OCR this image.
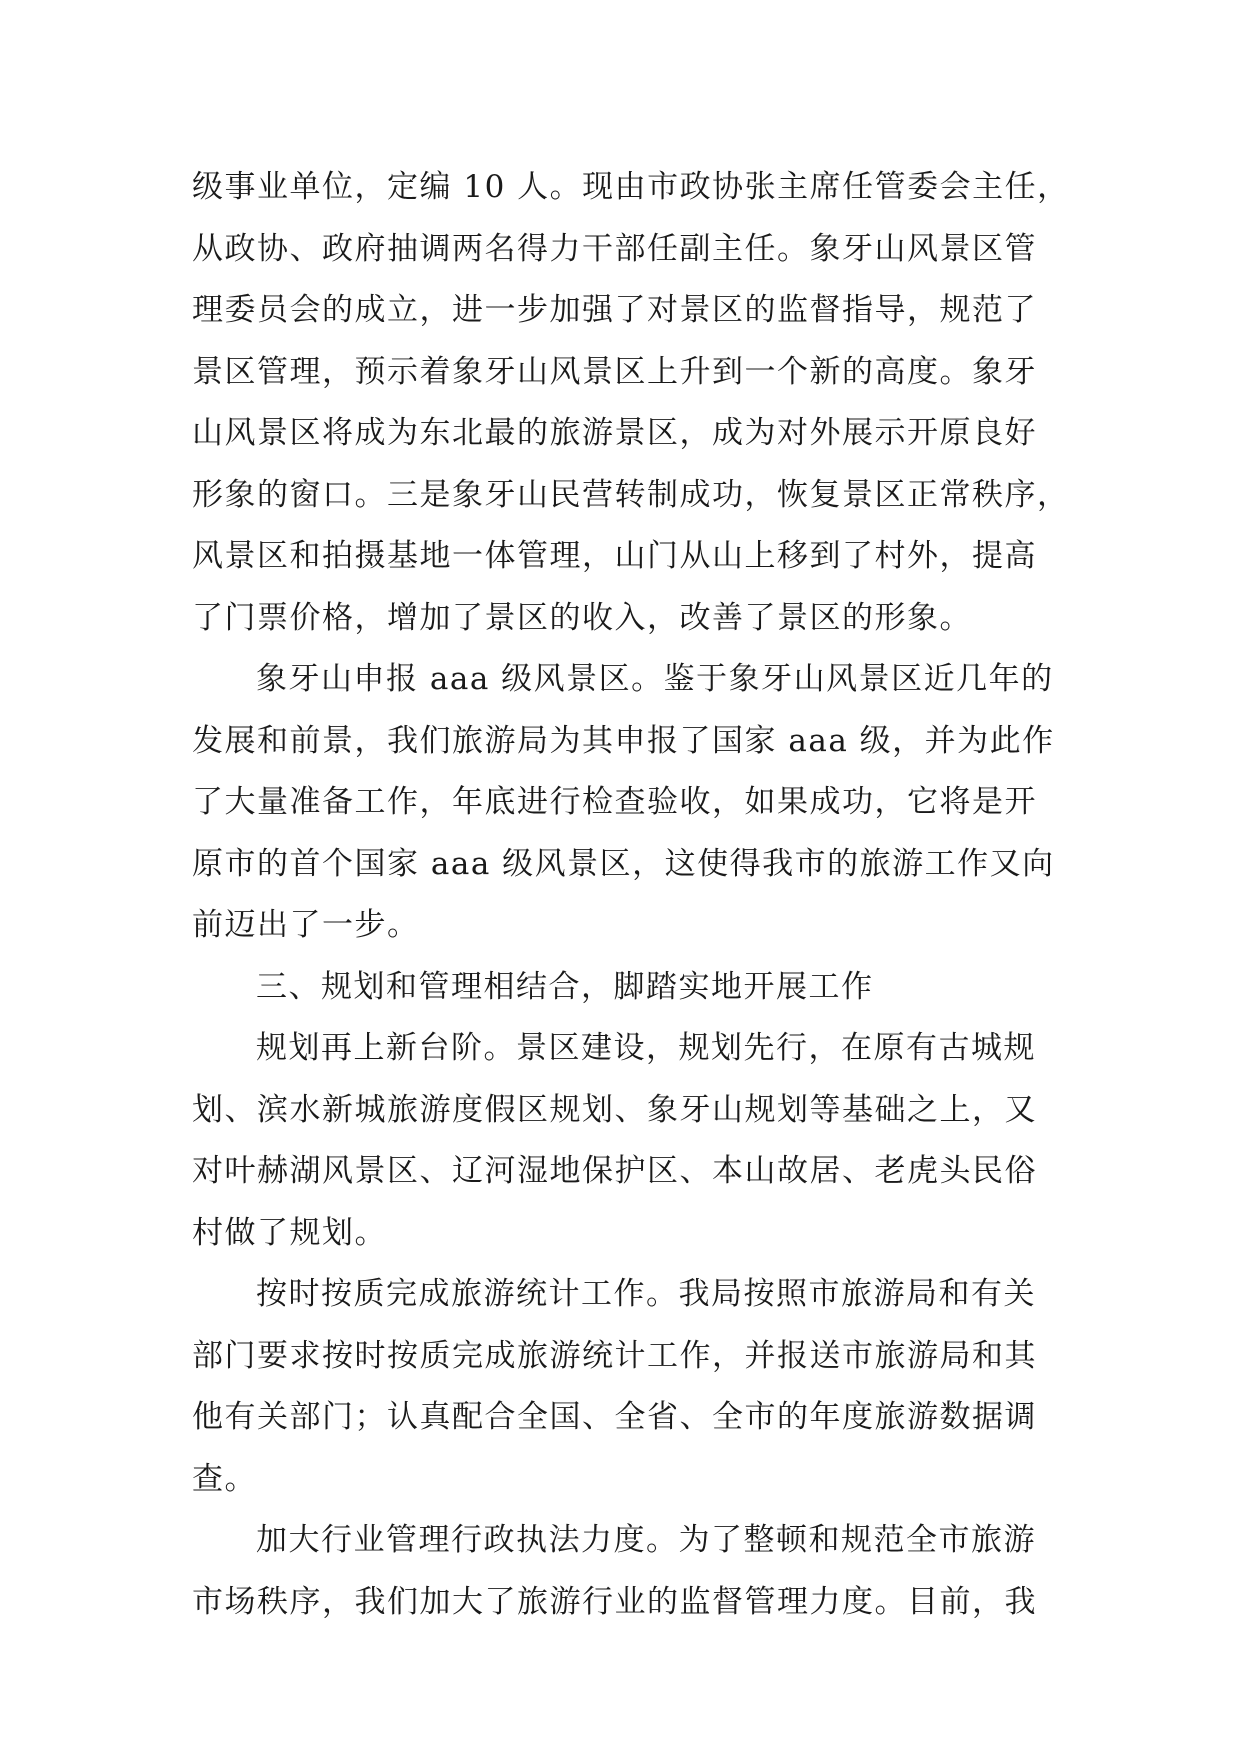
级事业单位，定编 10 人。现由市政协张主席任管委会主任，
从政协、政府抽调两名得力干部任副主任。象牙山风景区管
理委员会的成立，进一步加强了对景区的监督指导，规范了
景区管理，预示着象牙山风景区上升到一个新的高度。象牙
山风景区将成为东北最的旅游景区，成为对外展示开原良好
形象的窗口。三是象牙山民营转制成功，恢复景区正常秩序，
风景区和拍摄基地一体管理，山门从山上移到了村外，提高
了门票价格，增加了景区的收入，改善了景区的形象。
象牙山申报 aaa 级风景区。鉴于象牙山风景区近几年的
发展和前景，我们旅游局为其申报了国家 aaa 级，并为此作
了大量准备工作，年底进行检查验收，如果成功，它将是开
原市的首个国家 aaa 级风景区，这使得我市的旅游工作又向
前迈出了一步。
三、规划和管理相结合，脚踏实地开展工作
规划再上新台阶。景区建设，规划先行，在原有古城规
划、滨水新城旅游度假区规划、象牙山规划等基础之上，又
对叶赫湖风景区、辽河湿地保护区、本山故居、老虎头民俗
村做了规划。
按时按质完成旅游统计工作。我局按照市旅游局和有关
部门要求按时按质完成旅游统计工作，并报送市旅游局和其
他有关部门；认真配合全国、全省、全市的年度旅游数据调
查。
加大行业管理行政执法力度。为了整顿和规范全市旅游
市场秩序，我们加大了旅游行业的监督管理力度。目前，我
